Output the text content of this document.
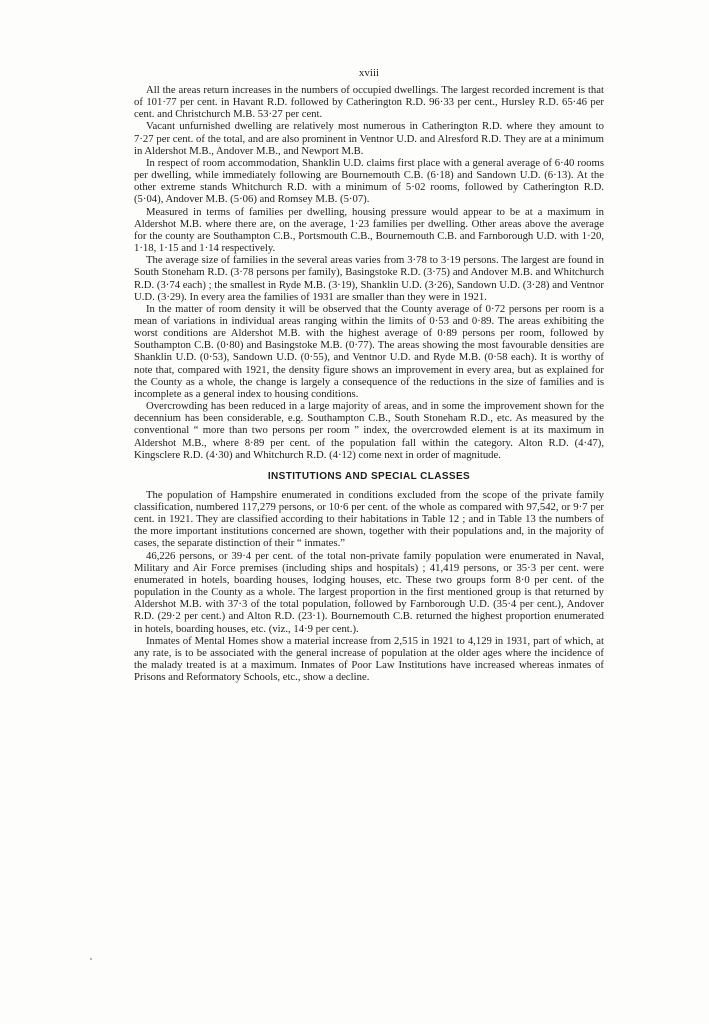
xviii

All the areas return increases in the numbers of occupied dwellings. The largest recorded increment is that of 101·77 per cent. in Havant R.D. followed by Catherington R.D. 96·33 per cent., Hursley R.D. 65·46 per cent. and Christchurch M.B. 53·27 per cent.

Vacant unfurnished dwelling are relatively most numerous in Catherington R.D. where they amount to 7·27 per cent. of the total, and are also prominent in Ventnor U.D. and Alresford R.D. They are at a minimum in Aldershot M.B., Andover M.B., and Newport M.B.

In respect of room accommodation, Shanklin U.D. claims first place with a general average of 6·40 rooms per dwelling, while immediately following are Bournemouth C.B. (6·18) and Sandown U.D. (6·13). At the other extreme stands Whitchurch R.D. with a minimum of 5·02 rooms, followed by Catherington R.D. (5·04), Andover M.B. (5·06) and Romsey M.B. (5·07).

Measured in terms of families per dwelling, housing pressure would appear to be at a maximum in Aldershot M.B. where there are, on the average, 1·23 families per dwelling. Other areas above the average for the county are Southampton C.B., Portsmouth C.B., Bournemouth C.B. and Farnborough U.D. with 1·20, 1·18, 1·15 and 1·14 respectively.

The average size of families in the several areas varies from 3·78 to 3·19 persons. The largest are found in South Stoneham R.D. (3·78 persons per family), Basingstoke R.D. (3·75) and Andover M.B. and Whitchurch R.D. (3·74 each) ; the smallest in Ryde M.B. (3·19), Shanklin U.D. (3·26), Sandown U.D. (3·28) and Ventnor U.D. (3·29). In every area the families of 1931 are smaller than they were in 1921.

In the matter of room density it will be observed that the County average of 0·72 persons per room is a mean of variations in individual areas ranging within the limits of 0·53 and 0·89. The areas exhibiting the worst conditions are Aldershot M.B. with the highest average of 0·89 persons per room, followed by Southampton C.B. (0·80) and Basingstoke M.B. (0·77). The areas showing the most favourable densities are Shanklin U.D. (0·53), Sandown U.D. (0·55), and Ventnor U.D. and Ryde M.B. (0·58 each). It is worthy of note that, compared with 1921, the density figure shows an improvement in every area, but as explained for the County as a whole, the change is largely a consequence of the reductions in the size of families and is incomplete as a general index to housing conditions.

Overcrowding has been reduced in a large majority of areas, and in some the improvement shown for the decennium has been considerable, e.g. Southampton C.B., South Stoneham R.D., etc. As measured by the conventional “ more than two persons per room ” index, the overcrowded element is at its maximum in Aldershot M.B., where 8·89 per cent. of the population fall within the category. Alton R.D. (4·47), Kingsclere R.D. (4·30) and Whitchurch R.D. (4·12) come next in order of magnitude.

INSTITUTIONS AND SPECIAL CLASSES

The population of Hampshire enumerated in conditions excluded from the scope of the private family classification, numbered 117,279 persons, or 10·6 per cent. of the whole as compared with 97,542, or 9·7 per cent. in 1921. They are classified according to their habitations in Table 12 ; and in Table 13 the numbers of the more important institutions concerned are shown, together with their populations and, in the majority of cases, the separate distinction of their “ inmates.”

46,226 persons, or 39·4 per cent. of the total non-private family population were enumerated in Naval, Military and Air Force premises (including ships and hospitals) ; 41,419 persons, or 35·3 per cent. were enumerated in hotels, boarding houses, lodging houses, etc. These two groups form 8·0 per cent. of the population in the County as a whole. The largest proportion in the first mentioned group is that returned by Aldershot M.B. with 37·3 of the total population, followed by Farnborough U.D. (35·4 per cent.), Andover R.D. (29·2 per cent.) and Alton R.D. (23·1). Bournemouth C.B. returned the highest proportion enumerated in hotels, boarding houses, etc. (viz., 14·9 per cent.).

Inmates of Mental Homes show a material increase from 2,515 in 1921 to 4,129 in 1931, part of which, at any rate, is to be associated with the general increase of population at the older ages where the incidence of the malady treated is at a maximum. Inmates of Poor Law Institutions have increased whereas inmates of Prisons and Reformatory Schools, etc., show a decline.
